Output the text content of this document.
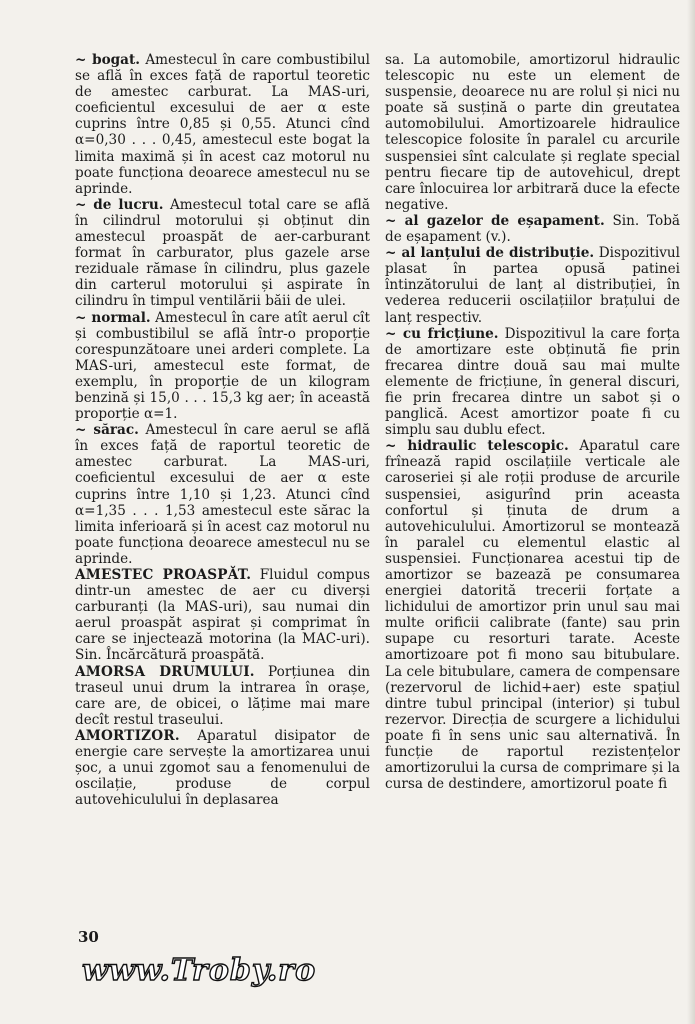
~ bogat. Amestecul în care combustibilul se află în exces față de raportul teoretic de amestec carburat. La MAS-uri, coeficientul excesului de aer α este cuprins între 0,85 și 0,55. Atunci cînd α=0,30 . . . 0,45, amestecul este bogat la limita maximă și în acest caz motorul nu poate funcționa deoarece amestecul nu se aprinde.

~ de lucru. Amestecul total care se află în cilindrul motorului și obținut din amestecul proaspăt de aer-carburant format în carburator, plus gazele arse reziduale rămase în cilindru, plus gazele din carterul motorului și aspirate în cilindru în timpul ventilării băii de ulei.

~ normal. Amestecul în care atît aerul cît și combustibilul se află într-o proporție corespunzătoare unei arderi complete. La MAS-uri, amestecul este format, de exemplu, în proporție de un kilogram benzină și 15,0 . . . 15,3 kg aer; în această proporție α=1.

~ sărac. Amestecul în care aerul se află în exces față de raportul teoretic de amestec carburat. La MAS-uri, coeficientul excesului de aer α este cuprins între 1,10 și 1,23. Atunci cînd α=1,35 . . . 1,53 amestecul este sărac la limita inferioară și în acest caz motorul nu poate funcționa deoarece amestecul nu se aprinde.

AMESTEC PROASPĂT. Fluidul compus dintr-un amestec de aer cu diverși carburanți (la MAS-uri), sau numai din aerul proaspăt aspirat și comprimat în care se injectează motorina (la MAC-uri). Sin. Încărcătură proaspătă.

AMORSA DRUMULUI. Porțiunea din traseul unui drum la intrarea în orașe, care are, de obicei, o lățime mai mare decît restul traseului.

AMORTIZOR. Aparatul disipator de energie care servește la amortizarea unui șoc, a unui zgomot sau a fenomenului de oscilație, produse de corpul autovehiculului în deplasarea

sa. La automobile, amortizorul hidraulic telescopic nu este un element de suspensie, deoarece nu are rolul și nici nu poate să susțină o parte din greutatea automobilului. Amortizoarele hidraulice telescopice folosite în paralel cu arcurile suspensiei sînt calculate și reglate special pentru fiecare tip de autovehicul, drept care înlocuirea lor arbitrară duce la efecte negative.

~ al gazelor de eșapament. Sin. Tobă de eșapament (v.).

~ al lanțului de distribuție. Dispozitivul plasat în partea opusă patinei întinzătorului de lanț al distribuției, în vederea reducerii oscilațiilor brațului de lanț respectiv.

~ cu fricțiune. Dispozitivul la care forța de amortizare este obținută fie prin frecarea dintre două sau mai multe elemente de fricțiune, în general discuri, fie prin frecarea dintre un sabot și o panglică. Acest amortizor poate fi cu simplu sau dublu efect.

~ hidraulic telescopic. Aparatul care frînează rapid oscilațiile verticale ale caroseriei și ale roții produse de arcurile suspensiei, asigurînd prin aceasta confortul și ținuta de drum a autovehiculului. Amortizorul se montează în paralel cu elementul elastic al suspensiei. Funcționarea acestui tip de amortizor se bazează pe consumarea energiei datorită trecerii forțate a lichidului de amortizor prin unul sau mai multe orificii calibrate (fante) sau prin supape cu resorturi tarate. Aceste amortizoare pot fi mono sau bitubulare. La cele bitubulare, camera de compensare (rezervorul de lichid+aer) este spațiul dintre tubul principal (interior) și tubul rezervor. Direcția de scurgere a lichidului poate fi în sens unic sau alternativă. În funcție de raportul rezistențelor amortizorului la cursa de comprimare și la cursa de destindere, amortizorul poate fi

30
www.Troby.ro
